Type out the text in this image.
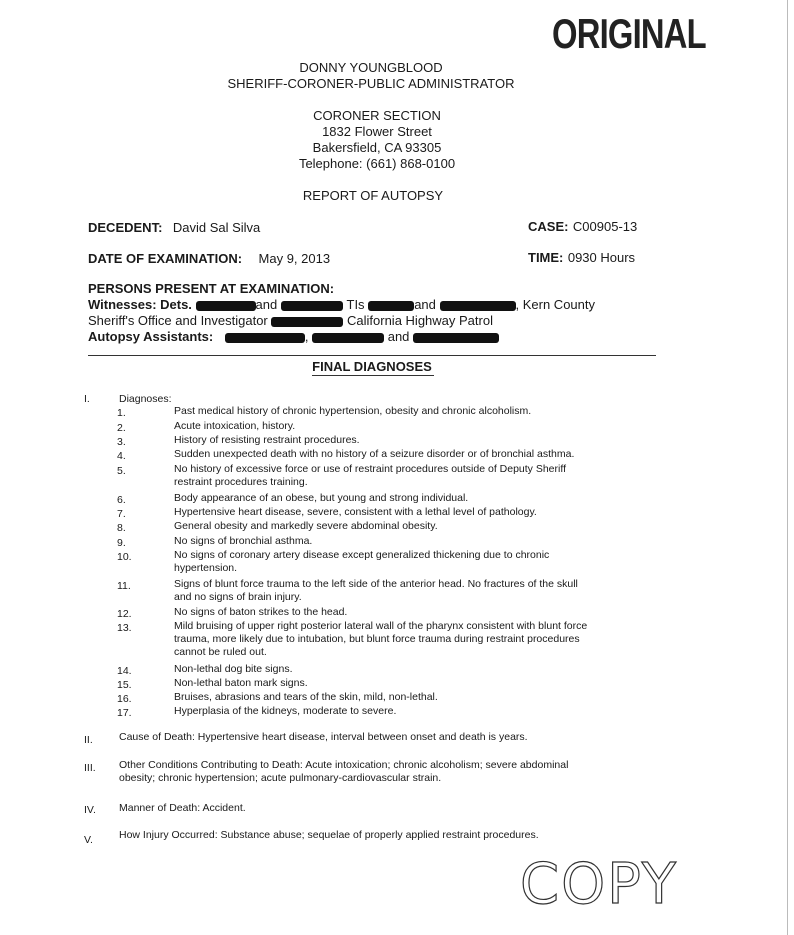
ORIGINAL
DONNY YOUNGBLOOD
SHERIFF-CORONER-PUBLIC ADMINISTRATOR
CORONER SECTION
1832 Flower Street
Bakersfield, CA 93305
Telephone: (661) 868-0100
REPORT OF AUTOPSY
DECEDENT: David Sal Silva	CASE: C00905-13
DATE OF EXAMINATION: May 9, 2013	TIME: 0930 Hours
PERSONS PRESENT AT EXAMINATION:
Witnesses: Dets.	and	TIs	and	, Kern County
Sheriff's Office and Investigator	California Highway Patrol
Autopsy Assistants:	,	and
FINAL DIAGNOSES
I.	Diagnoses:
1.	Past medical history of chronic hypertension, obesity and chronic alcoholism.
2.	Acute intoxication, history.
3.	History of resisting restraint procedures.
4.	Sudden unexpected death with no history of a seizure disorder or of bronchial asthma.
5.	No history of excessive force or use of restraint procedures outside of Deputy Sheriff
restraint procedures training.
6.	Body appearance of an obese, but young and strong individual.
7.	Hypertensive heart disease, severe, consistent with a lethal level of pathology.
8.	General obesity and markedly severe abdominal obesity.
9.	No signs of bronchial asthma.
10.	No signs of coronary artery disease except generalized thickening due to chronic
hypertension.
11.	Signs of blunt force trauma to the left side of the anterior head. No fractures of the skull
and no signs of brain injury.
12.	No signs of baton strikes to the head.
13.	Mild bruising of upper right posterior lateral wall of the pharynx consistent with blunt force
trauma, more likely due to intubation, but blunt force trauma during restraint procedures
cannot be ruled out.
14.	Non-lethal dog bite signs.
15.	Non-lethal baton mark signs.
16.	Bruises, abrasions and tears of the skin, mild, non-lethal.
17.	Hyperplasia of the kidneys, moderate to severe.
II. Cause of Death: Hypertensive heart disease, interval between onset and death is years.
III. Other Conditions Contributing to Death: Acute intoxication; chronic alcoholism; severe abdominal
obesity; chronic hypertension; acute pulmonary-cardiovascular strain.
IV. Manner of Death: Accident.
V. How Injury Occurred: Substance abuse; sequelae of properly applied restraint procedures.
COPY
